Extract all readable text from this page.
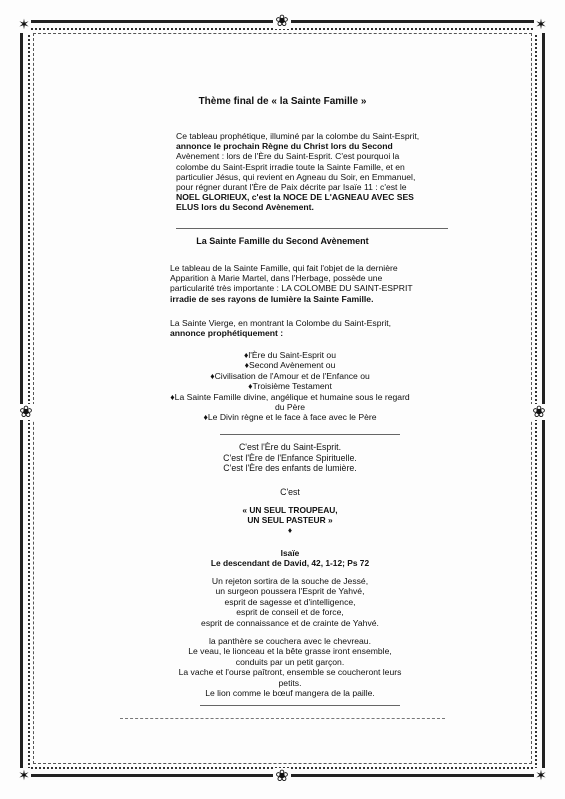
❀
❀
❀	❀
✶	✶
✶	✶
Thème final de « la Sainte Famille »
Ce tableau prophétique, illuminé par la colombe du Saint-Esprit,
annonce le prochain Règne du Christ lors du Second
Avènement : lors de l'Ère du Saint-Esprit. C'est pourquoi la
colombe du Saint-Esprit irradie toute la Sainte Famille, et en
particulier Jésus, qui revient en Agneau du Soir, en Emmanuel,
pour régner durant l'Ère de Paix décrite par Isaïe 11 : c'est le
NOEL GLORIEUX, c'est la NOCE DE L'AGNEAU AVEC SES
ELUS lors du Second Avènement.
La Sainte Famille du Second Avènement
Le tableau de la Sainte Famille, qui fait l'objet de la dernière
Apparition à Marie Martel, dans l'Herbage, possède une
particularité très importante : LA COLOMBE DU SAINT-ESPRIT
irradie de ses rayons de lumière la Sainte Famille.
La Sainte Vierge, en montrant la Colombe du Saint-Esprit,
annonce prophétiquement :
♦ l'Ère du Saint-Esprit ou
♦ Second Avènement ou
♦ Civilisation de l'Amour et de l'Enfance ou
♦ Troisième Testament
♦ La Sainte Famille divine, angélique et humaine sous le regard
du Père
♦ Le Divin règne et le face à face avec le Père
C'est l'Ère du Saint-Esprit.
C'est l'Ère de l'Enfance Spirituelle.
C'est l'Ère des enfants de lumière.
C'est
« UN SEUL TROUPEAU,
UN SEUL PASTEUR »
♦
Isaïe
Le descendant de David, 42, 1-12; Ps 72
Un rejeton sortira de la souche de Jessé,
un surgeon poussera l'Esprit de Yahvé,
esprit de sagesse et d'intelligence,
esprit de conseil et de force,
esprit de connaissance et de crainte de Yahvé.
la panthère se couchera avec le chevreau.
Le veau, le lionceau et la bête grasse iront ensemble,
conduits par un petit garçon.
La vache et l'ourse paîtront, ensemble se coucheront leurs
petits.
Le lion comme le bœuf mangera de la paille.
